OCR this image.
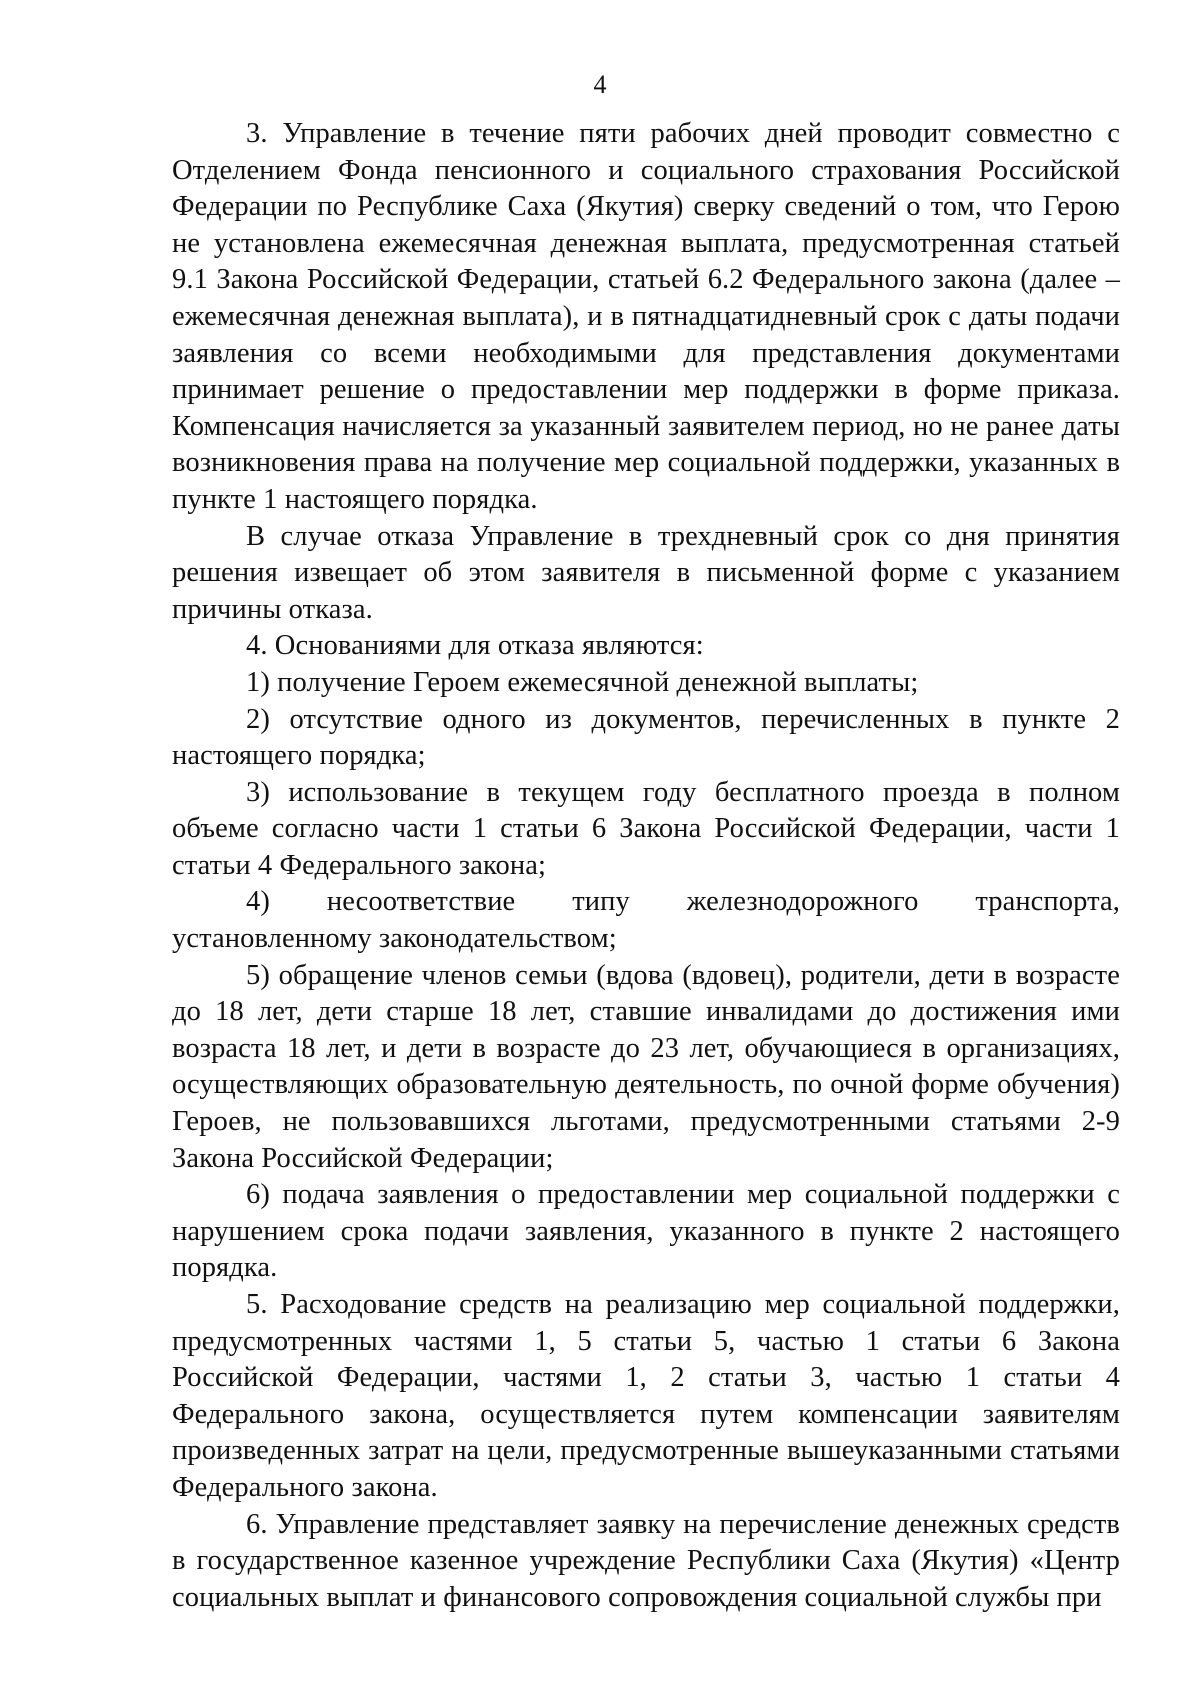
4

3. Управление в течение пяти рабочих дней проводит совместно с Отделением Фонда пенсионного и социального страхования Российской Федерации по Республике Саха (Якутия) сверку сведений о том, что Герою не установлена ежемесячная денежная выплата, предусмотренная статьей 9.1 Закона Российской Федерации, статьей 6.2 Федерального закона (далее – ежемесячная денежная выплата), и в пятнадцатидневный срок с даты подачи заявления со всеми необходимыми для представления документами принимает решение о предоставлении мер поддержки в форме приказа. Компенсация начисляется за указанный заявителем период, но не ранее даты возникновения права на получение мер социальной поддержки, указанных в пункте 1 настоящего порядка.

В случае отказа Управление в трехдневный срок со дня принятия решения извещает об этом заявителя в письменной форме с указанием причины отказа.

4. Основаниями для отказа являются:

1) получение Героем ежемесячной денежной выплаты;

2) отсутствие одного из документов, перечисленных в пункте 2 настоящего порядка;

3) использование в текущем году бесплатного проезда в полном объеме согласно части 1 статьи 6 Закона Российской Федерации, части 1 статьи 4 Федерального закона;

4) несоответствие типу железнодорожного транспорта, установленному законодательством;

5) обращение членов семьи (вдова (вдовец), родители, дети в возрасте до 18 лет, дети старше 18 лет, ставшие инвалидами до достижения ими возраста 18 лет, и дети в возрасте до 23 лет, обучающиеся в организациях, осуществляющих образовательную деятельность, по очной форме обучения) Героев, не пользовавшихся льготами, предусмотренными статьями 2-9 Закона Российской Федерации;

6) подача заявления о предоставлении мер социальной поддержки с нарушением срока подачи заявления, указанного в пункте 2 настоящего порядка.

5. Расходование средств на реализацию мер социальной поддержки, предусмотренных частями 1, 5 статьи 5, частью 1 статьи 6 Закона Российской Федерации, частями 1, 2 статьи 3, частью 1 статьи 4 Федерального закона, осуществляется путем компенсации заявителям произведенных затрат на цели, предусмотренные вышеуказанными статьями Федерального закона.

6. Управление представляет заявку на перечисление денежных средств в государственное казенное учреждение Республики Саха (Якутия) «Центр социальных выплат и финансового сопровождения социальной службы при
